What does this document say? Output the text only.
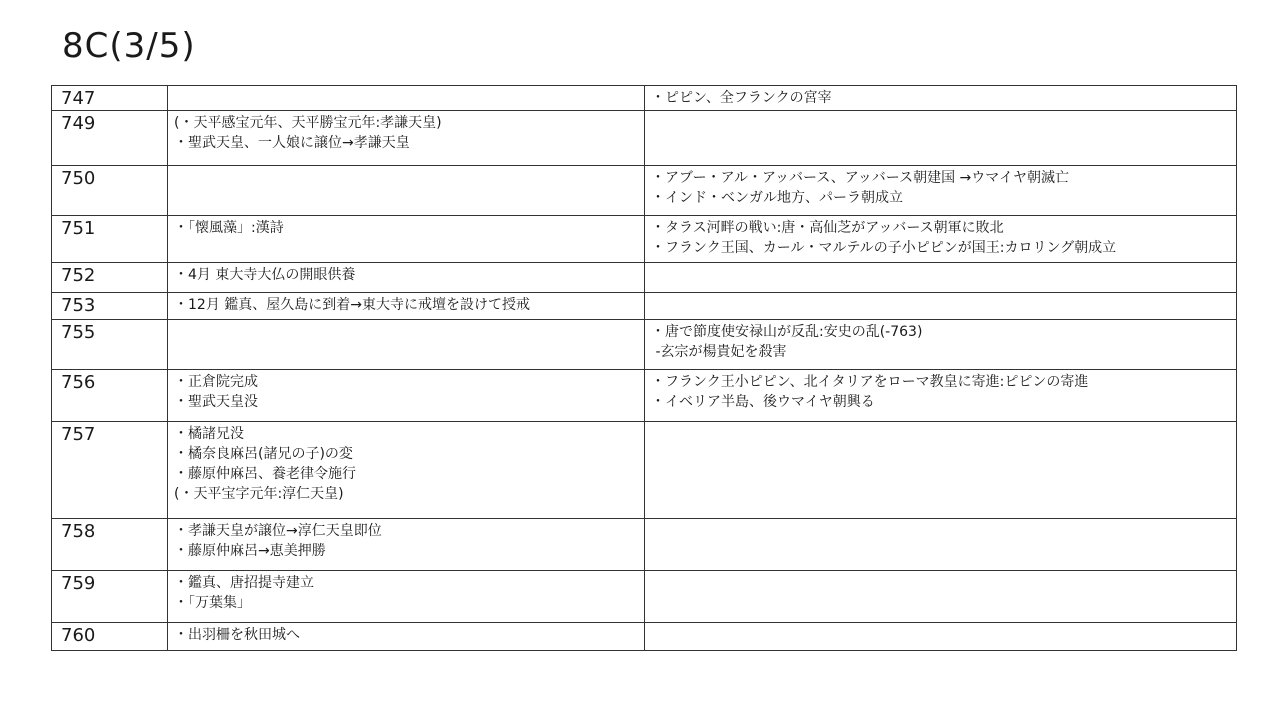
8C(3/5)
747		・ピピン、全フランクの宮宰
749	(・天平感宝元年、天平勝宝元年:孝謙天皇)
・聖武天皇、一人娘に譲位→孝謙天皇	
750		・アブー・アル・アッバース、アッバース朝建国 →ウマイヤ朝滅亡
・インド・ベンガル地方、パーラ朝成立
751	・「懐風藻」:漢詩	・タラス河畔の戦い:唐・高仙芝がアッバース朝軍に敗北
・フランク王国、カール・マルテルの子小ピピンが国王:カロリング朝成立
752	・4月 東大寺大仏の開眼供養	
753	・12月 鑑真、屋久島に到着→東大寺に戒壇を設けて授戒	
755		・唐で節度使安禄山が反乱:安史の乱(-763)
-玄宗が楊貴妃を殺害
756	・正倉院完成
・聖武天皇没	・フランク王小ピピン、北イタリアをローマ教皇に寄進:ピピンの寄進
・イベリア半島、後ウマイヤ朝興る
757	・橘諸兄没
・橘奈良麻呂(諸兄の子)の変
・藤原仲麻呂、養老律令施行
(・天平宝字元年:淳仁天皇)	
758	・孝謙天皇が譲位→淳仁天皇即位
・藤原仲麻呂→恵美押勝	
759	・鑑真、唐招提寺建立
・「万葉集」	
760	・出羽柵を秋田城へ	
